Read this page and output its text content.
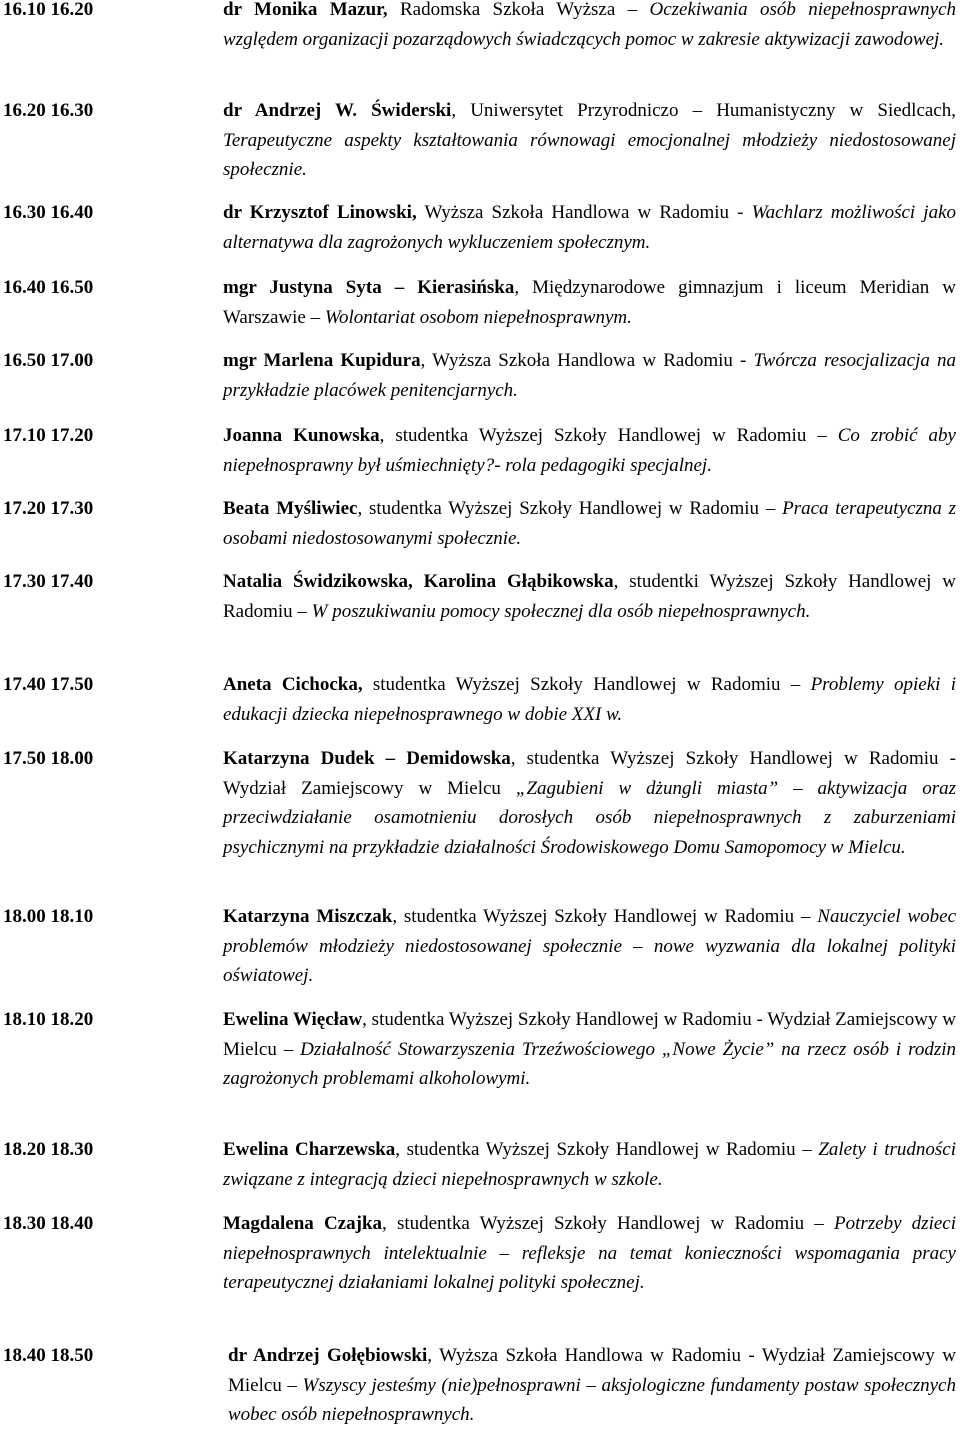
16.10 16.20	dr Monika Mazur, Radomska Szkoła Wyższa – Oczekiwania osób niepełnosprawnych względem organizacji pozarządowych świadczących pomoc w zakresie aktywizacji zawodowej.
16.20 16.30	dr Andrzej W. Świderski, Uniwersytet Przyrodniczo – Humanistyczny w Siedlcach, Terapeutyczne aspekty kształtowania równowagi emocjonalnej młodzieży niedostosowanej społecznie.
16.30 16.40	dr Krzysztof Linowski, Wyższa Szkoła Handlowa w Radomiu - Wachlarz możliwości jako alternatywa dla zagrożonych wykluczeniem społecznym.
16.40 16.50	mgr Justyna Syta – Kierasińska, Międzynarodowe gimnazjum i liceum Meridian w Warszawie – Wolontariat osobom niepełnosprawnym.
16.50 17.00	mgr Marlena Kupidura, Wyższa Szkoła Handlowa w Radomiu - Twórcza resocjalizacja na przykładzie placówek penitencjarnych.
17.10 17.20	Joanna Kunowska, studentka Wyższej Szkoły Handlowej w Radomiu – Co zrobić aby niepełnosprawny był uśmiechnięty?- rola pedagogiki specjalnej.
17.20 17.30	Beata Myśliwiec, studentka Wyższej Szkoły Handlowej w Radomiu – Praca terapeutyczna z osobami niedostosowanymi społecznie.
17.30 17.40	Natalia Świdzikowska, Karolina Głąbikowska, studentki Wyższej Szkoły Handlowej w Radomiu – W poszukiwaniu pomocy społecznej dla osób niepełnosprawnych.
17.40 17.50	Aneta Cichocka, studentka Wyższej Szkoły Handlowej w Radomiu – Problemy opieki i edukacji dziecka niepełnosprawnego w dobie XXI w.
17.50 18.00	Katarzyna Dudek – Demidowska, studentka Wyższej Szkoły Handlowej w Radomiu - Wydział Zamiejscowy w Mielcu „Zagubieni w dżungli miasta” – aktywizacja oraz przeciwdziałanie osamotnieniu dorosłych osób niepełnosprawnych z zaburzeniami psychicznymi na przykładzie działalności Środowiskowego Domu Samopomocy w Mielcu.
18.00 18.10	Katarzyna Miszczak, studentka Wyższej Szkoły Handlowej w Radomiu – Nauczyciel wobec problemów młodzieży niedostosowanej społecznie – nowe wyzwania dla lokalnej polityki oświatowej.
18.10 18.20	Ewelina Więcław, studentka Wyższej Szkoły Handlowej w Radomiu - Wydział Zamiejscowy w Mielcu – Działalność Stowarzyszenia Trzeźwościowego „Nowe Życie” na rzecz osób i rodzin zagrożonych problemami alkoholowymi.
18.20 18.30	Ewelina Charzewska, studentka Wyższej Szkoły Handlowej w Radomiu – Zalety i trudności związane z integracją dzieci niepełnosprawnych w szkole.
18.30 18.40	Magdalena Czajka, studentka Wyższej Szkoły Handlowej w Radomiu – Potrzeby dzieci niepełnosprawnych intelektualnie – refleksje na temat konieczności wspomagania pracy terapeutycznej działaniami lokalnej polityki społecznej.
18.40 18.50	dr Andrzej Gołębiowski, Wyższa Szkoła Handlowa w Radomiu - Wydział Zamiejscowy w Mielcu – Wszyscy jesteśmy (nie)pełnosprawni – aksjologiczne fundamenty postaw społecznych wobec osób niepełnosprawnych.
